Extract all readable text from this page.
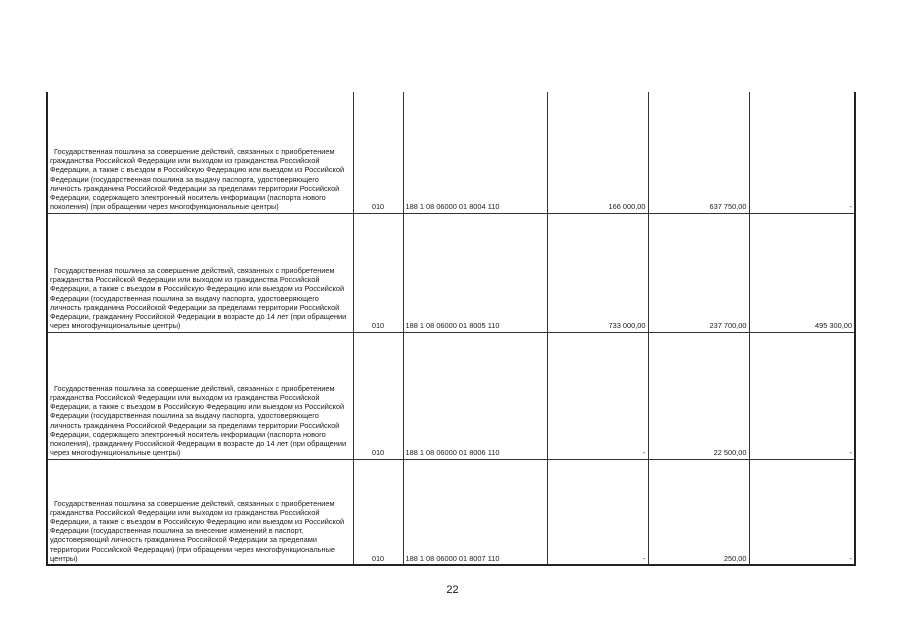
Государственная пошлина за совершение действий, связанных с приобретением гражданства Российской Федерации или выходом из гражданства Российской Федерации, а также с въездом в Российскую Федерацию или выездом из Российской Федерации (государственная пошлина за выдачу паспорта, удостоверяющего личность гражданина Российской Федерации за пределами территории Российской Федерации, содержащего электронный носитель информации (паспорта нового поколения) (при обращении через многофункциональные центры)	010	188 1 08 06000 01 8004 110	166 000,00	637 750,00	-

Государственная пошлина за совершение действий, связанных с приобретением гражданства Российской Федерации или выходом из гражданства Российской Федерации, а также с въездом в Российскую Федерацию или выездом из Российской Федерации (государственная пошлина за выдачу паспорта, удостоверяющего личность гражданина Российской Федерации за пределами территории Российской Федерации, гражданину Российской Федерации в возрасте до 14 лет (при обращении через многофункциональные центры)	010	188 1 08 06000 01 8005 110	733 000,00	237 700,00	495 300,00

Государственная пошлина за совершение действий, связанных с приобретением гражданства Российской Федерации или выходом из гражданства Российской Федерации, а также с въездом в Российскую Федерацию или выездом из Российской Федерации (государственная пошлина за выдачу паспорта, удостоверяющего личность гражданина Российской Федерации за пределами территории Российской Федерации, содержащего электронный носитель информации (паспорта нового поколения), гражданину Российской Федерации в возрасте до 14 лет (при обращении через многофункциональные центры)	010	188 1 08 06000 01 8006 110	-	22 500,00	-

Государственная пошлина за совершение действий, связанных с приобретением гражданства Российской Федерации или выходом из гражданства Российской Федерации, а также с въездом в Российскую Федерацию или выездом из Российской Федерации (государственная пошлина за внесение изменений в паспорт, удостоверяющий личность гражданина Российской Федерации за пределами территории Российской Федерации) (при обращении через многофункциональные центры)	010	188 1 08 06000 01 8007 110	-	250,00	-
22
